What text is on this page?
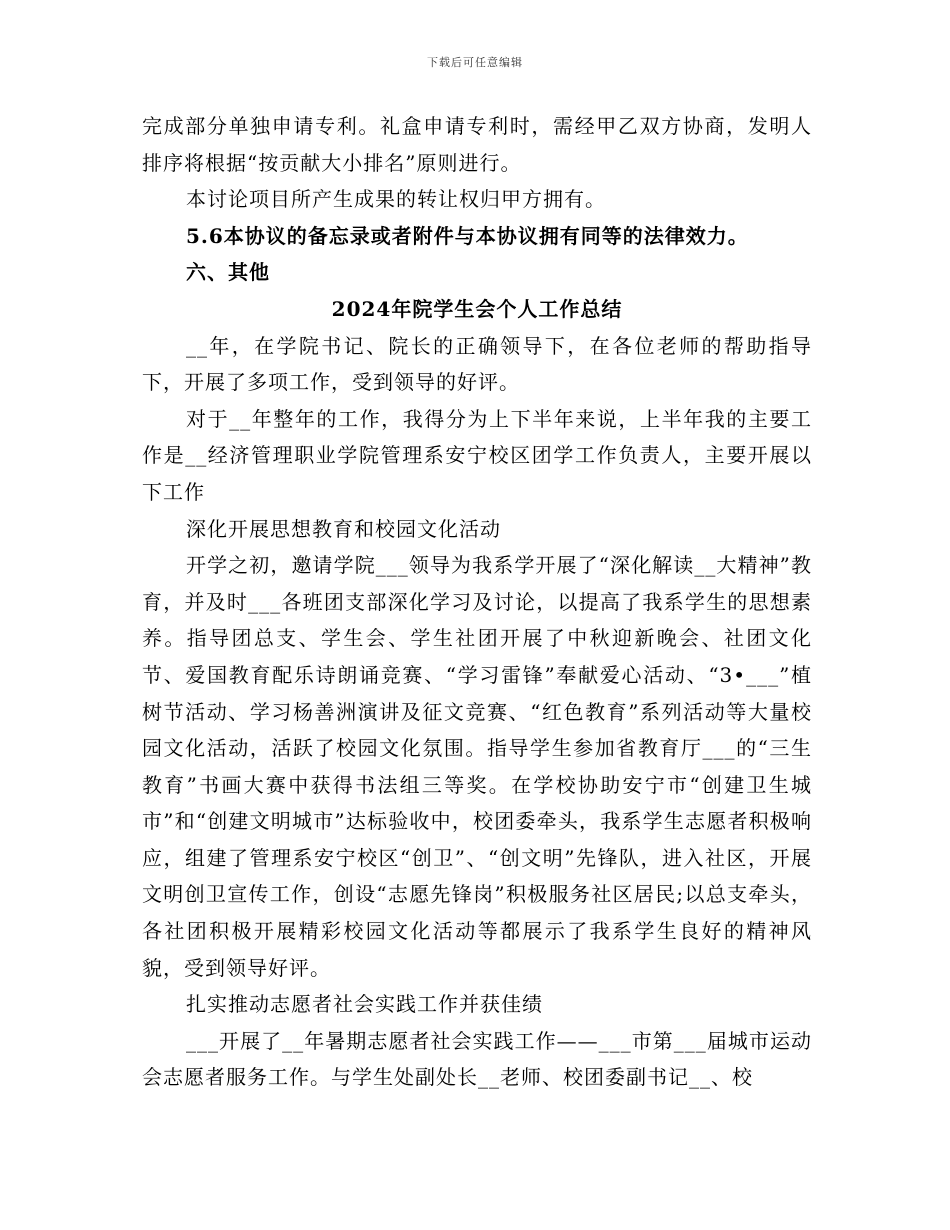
下载后可任意编辑

完成部分单独申请专利。礼盒申请专利时，需经甲乙双方协商，发明人排序将根据“按贡献大小排名”原则进行。

本讨论项目所产生成果的转让权归甲方拥有。

5.6本协议的备忘录或者附件与本协议拥有同等的法律效力。

六、其他

2024年院学生会个人工作总结

__年，在学院书记、院长的正确领导下，在各位老师的帮助指导下，开展了多项工作，受到领导的好评。

对于__年整年的工作，我得分为上下半年来说，上半年我的主要工作是__经济管理职业学院管理系安宁校区团学工作负责人，主要开展以下工作

深化开展思想教育和校园文化活动

开学之初，邀请学院___领导为我系学开展了“深化解读__大精神”教育，并及时___各班团支部深化学习及讨论，以提高了我系学生的思想素养。指导团总支、学生会、学生社团开展了中秋迎新晚会、社团文化节、爱国教育配乐诗朗诵竞赛、“学习雷锋”奉献爱心活动、“3•___”植树节活动、学习杨善洲演讲及征文竞赛、“红色教育”系列活动等大量校园文化活动，活跃了校园文化氛围。指导学生参加省教育厅___的“三生教育”书画大赛中获得书法组三等奖。在学校协助安宁市“创建卫生城市”和“创建文明城市”达标验收中，校团委牵头，我系学生志愿者积极响应，组建了管理系安宁校区“创卫”、“创文明”先锋队，进入社区，开展文明创卫宣传工作，创设“志愿先锋岗”积极服务社区居民;以总支牵头，各社团积极开展精彩校园文化活动等都展示了我系学生良好的精神风貌，受到领导好评。

扎实推动志愿者社会实践工作并获佳绩

___开展了__年暑期志愿者社会实践工作——___市第___届城市运动会志愿者服务工作。与学生处副处长__老师、校团委副书记__、校
